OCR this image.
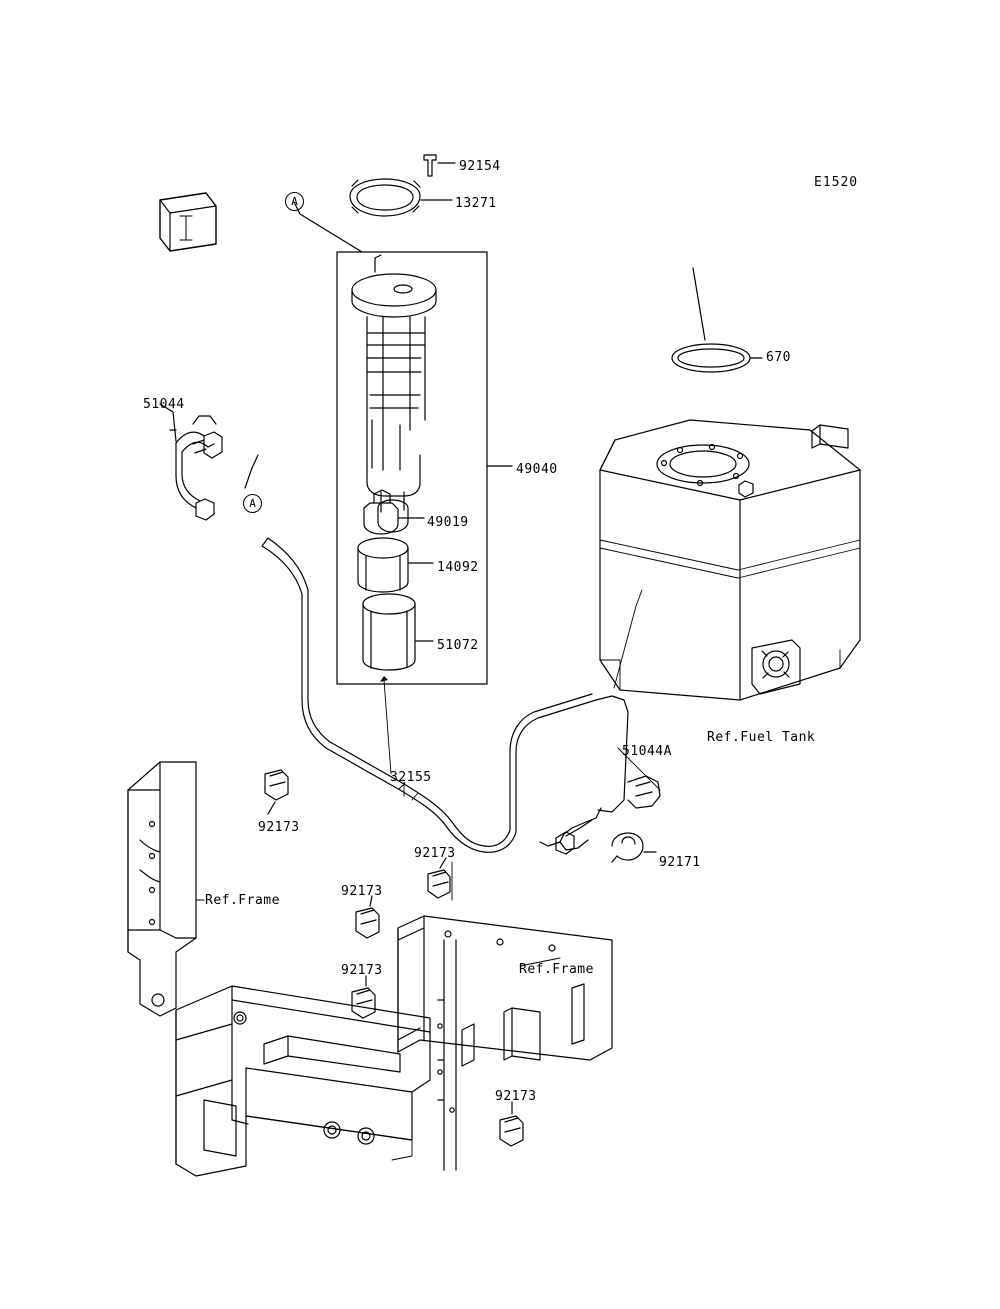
E1520
A
A
92154
13271
670
51044
49040
49019
14092
51072
Ref.Fuel Tank
51044A
32155
92173
92173
92171
92173
Ref.Frame
Ref.Frame
92173
92173
